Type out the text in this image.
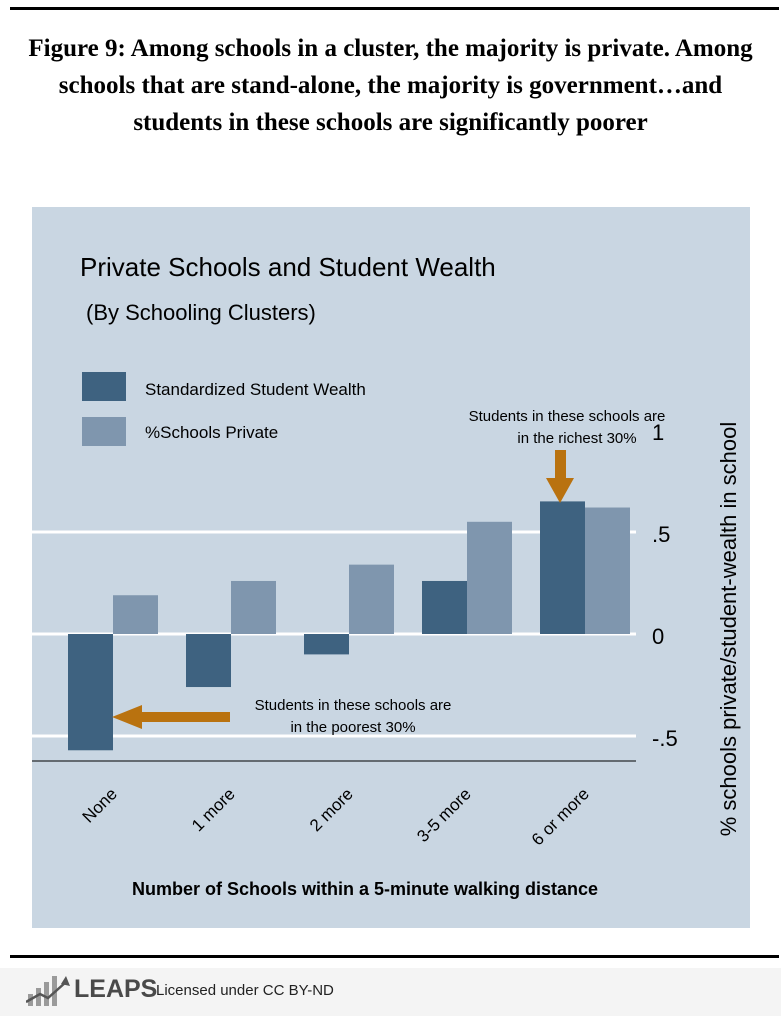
Figure 9: Among schools in a cluster, the majority is private. Among schools that are stand-alone, the majority is government…and students in these schools are significantly poorer
Private Schools and Student Wealth
(By Schooling Clusters)
Standardized Student Wealth
%Schools Private	1
.5
0
-.5
None	1 more	2 more	3-5 more	6 or more	% schools private/student-wealth in school
Number of Schools within a 5-minute walking distance
Students in these schools are
in the poorest 30%
Students in these schools are
in the richest 30%
LEAPS
Licensed under CC BY-ND
